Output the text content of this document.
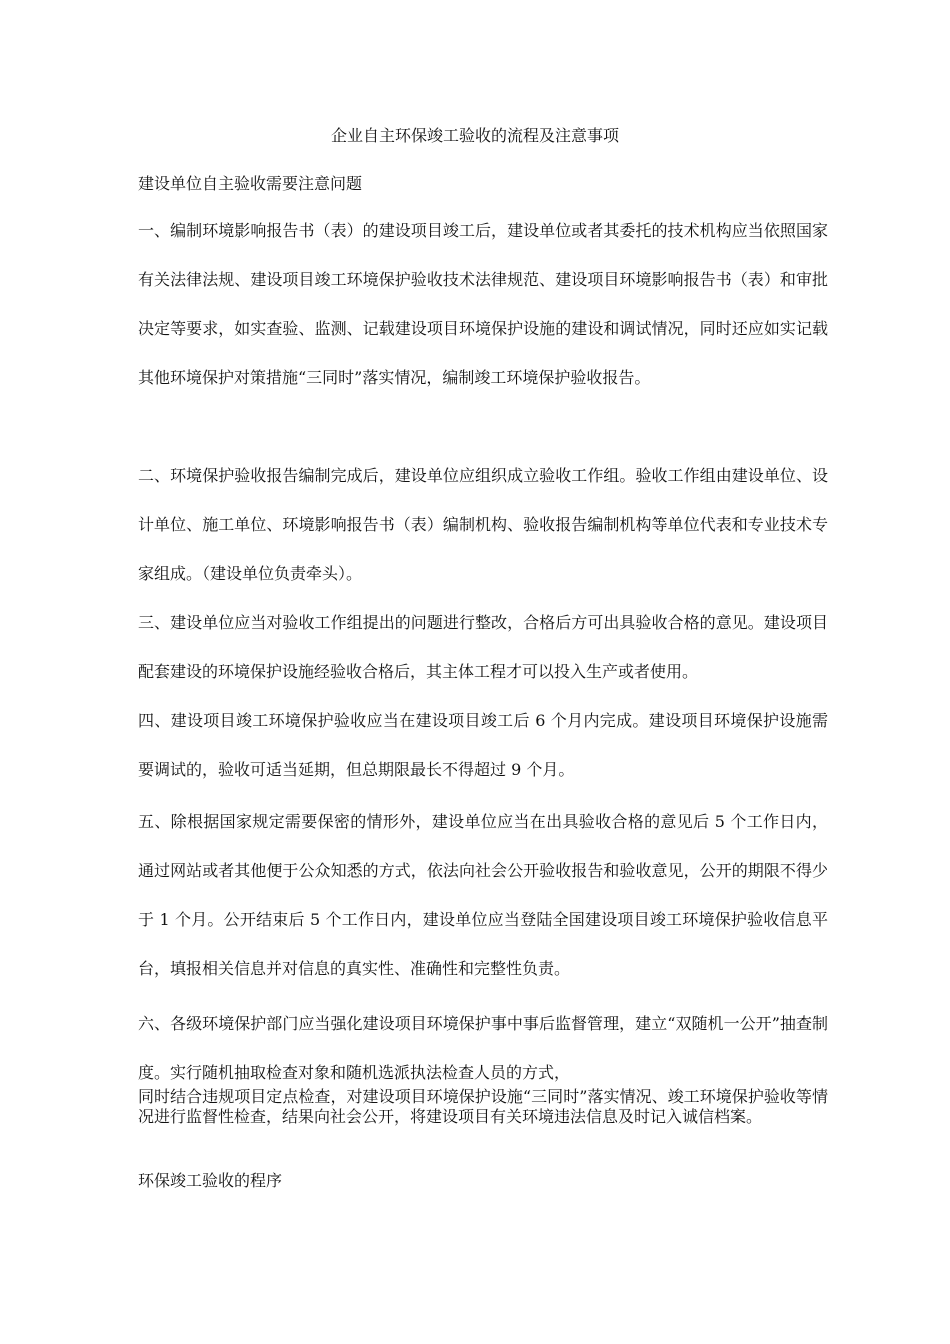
企业自主环保竣工验收的流程及注意事项
建设单位自主验收需要注意问题
一、编制环境影响报告书（表）的建设项目竣工后，建设单位或者其委托的技术机构应当依照国家有关法律法规、建设项目竣工环境保护验收技术法律规范、建设项目环境影响报告书（表）和审批决定等要求，如实查验、监测、记载建设项目环境保护设施的建设和调试情况，同时还应如实记载其他环境保护对策措施“三同时”落实情况，编制竣工环境保护验收报告。
二、环境保护验收报告编制完成后，建设单位应组织成立验收工作组。验收工作组由建设单位、设计单位、施工单位、环境影响报告书（表）编制机构、验收报告编制机构等单位代表和专业技术专家组成。（建设单位负责牵头）。
三、建设单位应当对验收工作组提出的问题进行整改，合格后方可出具验收合格的意见。建设项目配套建设的环境保护设施经验收合格后，其主体工程才可以投入生产或者使用。
四、建设项目竣工环境保护验收应当在建设项目竣工后 6 个月内完成。建设项目环境保护设施需要调试的，验收可适当延期，但总期限最长不得超过 9 个月。
五、除根据国家规定需要保密的情形外，建设单位应当在出具验收合格的意见后 5 个工作日内，通过网站或者其他便于公众知悉的方式，依法向社会公开验收报告和验收意见，公开的期限不得少于 1 个月。公开结束后 5 个工作日内，建设单位应当登陆全国建设项目竣工环境保护验收信息平台，填报相关信息并对信息的真实性、准确性和完整性负责。
六、各级环境保护部门应当强化建设项目环境保护事中事后监督管理，建立“双随机一公开”抽查制度。实行随机抽取检查对象和随机选派执法检查人员的方式，
同时结合违规项目定点检查，对建设项目环境保护设施“三同时”落实情况、竣工环境保护验收等情况进行监督性检查，结果向社会公开，将建设项目有关环境违法信息及时记入诚信档案。
环保竣工验收的程序
